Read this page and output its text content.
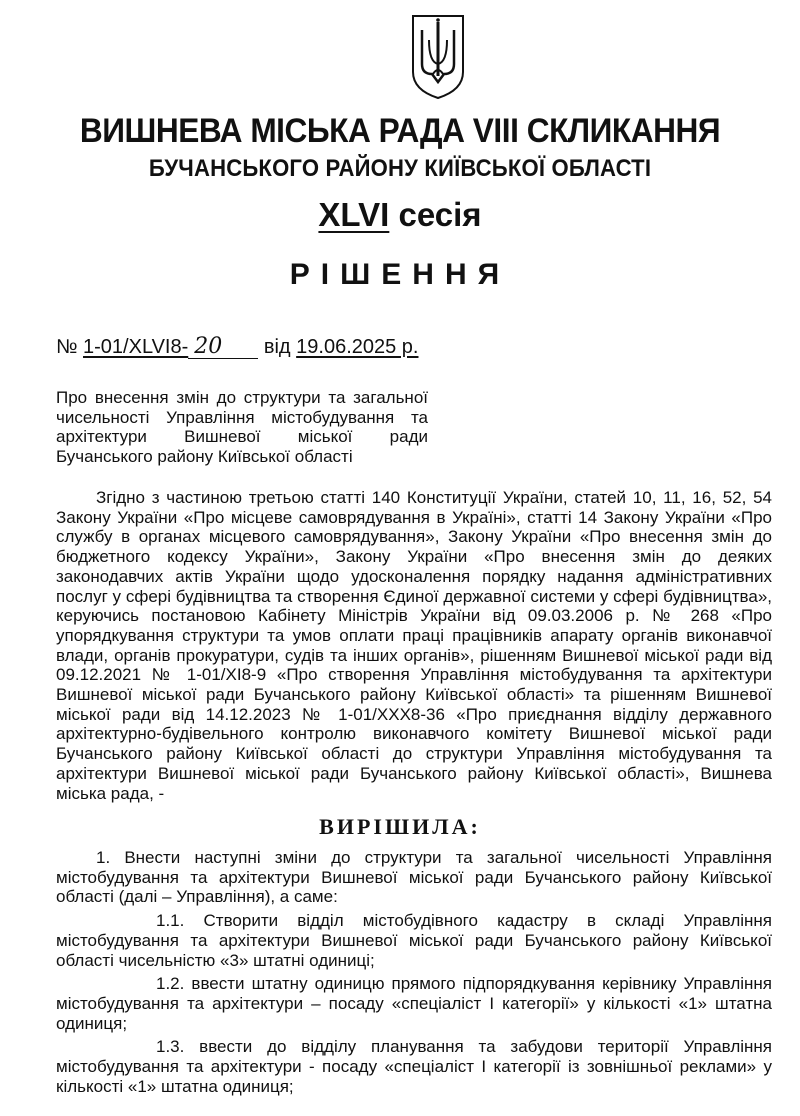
ВИШНЕВА МІСЬКА РАДА VIII СКЛИКАННЯ
БУЧАНСЬКОГО РАЙОНУ КИЇВСЬКОЇ ОБЛАСТІ
XLVI сесія
РІШЕННЯ
№ 1-01/XLVI8- 20 від 19.06.2025 р.
Про внесення змін до структури та загальної чисельності Управління містобудування та архітектури Вишневої міської ради Бучанського району Київської області

Згідно з частиною третьою статті 140 Конституції України, статей 10, 11, 16, 52, 54 Закону України «Про місцеве самоврядування в Україні», статті 14 Закону України «Про службу в органах місцевого самоврядування», Закону України «Про внесення змін до бюджетного кодексу України», Закону України «Про внесення змін до деяких законодавчих актів України щодо удосконалення порядку надання адміністративних послуг у сфері будівництва та створення Єдиної державної системи у сфері будівництва», керуючись постановою Кабінету Міністрів України від 09.03.2006 р. № 268 «Про упорядкування структури та умов оплати праці працівників апарату органів виконавчої влади, органів прокуратури, судів та інших органів», рішенням Вишневої міської ради від 09.12.2021 № 1-01/XI8-9 «Про створення Управління містобудування та архітектури Вишневої міської ради Бучанського району Київської області» та рішенням Вишневої міської ради від 14.12.2023 № 1-01/XXX8-36 «Про приєднання відділу державного архітектурно-будівельного контролю виконавчого комітету Вишневої міської ради Бучанського району Київської області до структури Управління містобудування та архітектури Вишневої міської ради Бучанського району Київської області», Вишнева міська рада, -

ВИРІШИЛА:

1. Внести наступні зміни до структури та загальної чисельності Управління містобудування та архітектури Вишневої міської ради Бучанського району Київської області (далі – Управління), а саме:

1.1. Створити відділ містобудівного кадастру в складі Управління містобудування та архітектури Вишневої міської ради Бучанського району Київської області чисельністю «3» штатні одиниці;

1.2. ввести штатну одиницю прямого підпорядкування керівнику Управління містобудування та архітектури – посаду «спеціаліст І категорії» у кількості «1» штатна одиниця;

1.3. ввести до відділу планування та забудови території Управління містобудування та архітектури - посаду «спеціаліст І категорії із зовнішньої реклами» у кількості «1» штатна одиниця;
